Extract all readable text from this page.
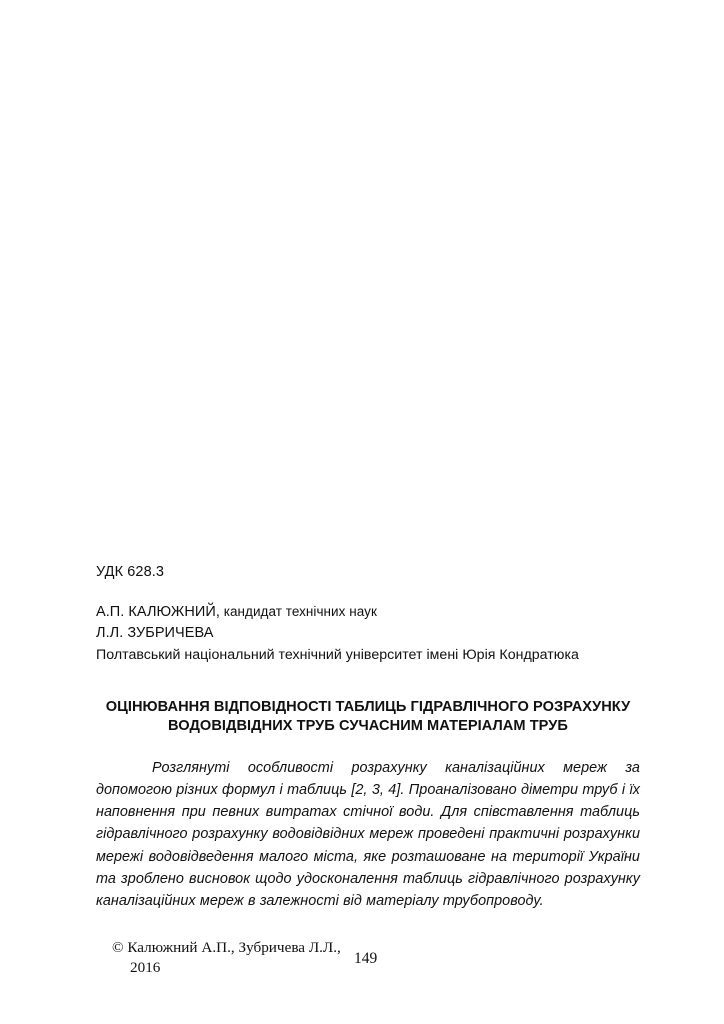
УДК 628.3

А.П. КАЛЮЖНИЙ, кандидат технічних наук

Л.Л. ЗУБРИЧЕВА

Полтавський національний технічний університет імені Юрія Кондратюка

ОЦІНЮВАННЯ ВІДПОВІДНОСТІ ТАБЛИЦЬ ГІДРАВЛІЧНОГО РОЗРАХУНКУ
ВОДОВІДВІДНИХ ТРУБ СУЧАСНИМ МАТЕРІАЛАМ ТРУБ

Розглянуті особливості розрахунку каналізаційних мереж за допомогою різних формул і таблиць [2, 3, 4]. Проаналізовано діметри труб і їх наповнення при певних витратах стічної води. Для співставлення таблиць гідравлічного розрахунку водовідвідних мереж проведені практичні розрахунки мережі водовідведення малого міста, яке розташоване на території України та зроблено висновок щодо удосконалення таблиць гідравлічного розрахунку каналізаційних мереж в залежності від матеріалу трубопроводу.

© Калюжний А.П., Зубричева Л.Л.,
2016

149
